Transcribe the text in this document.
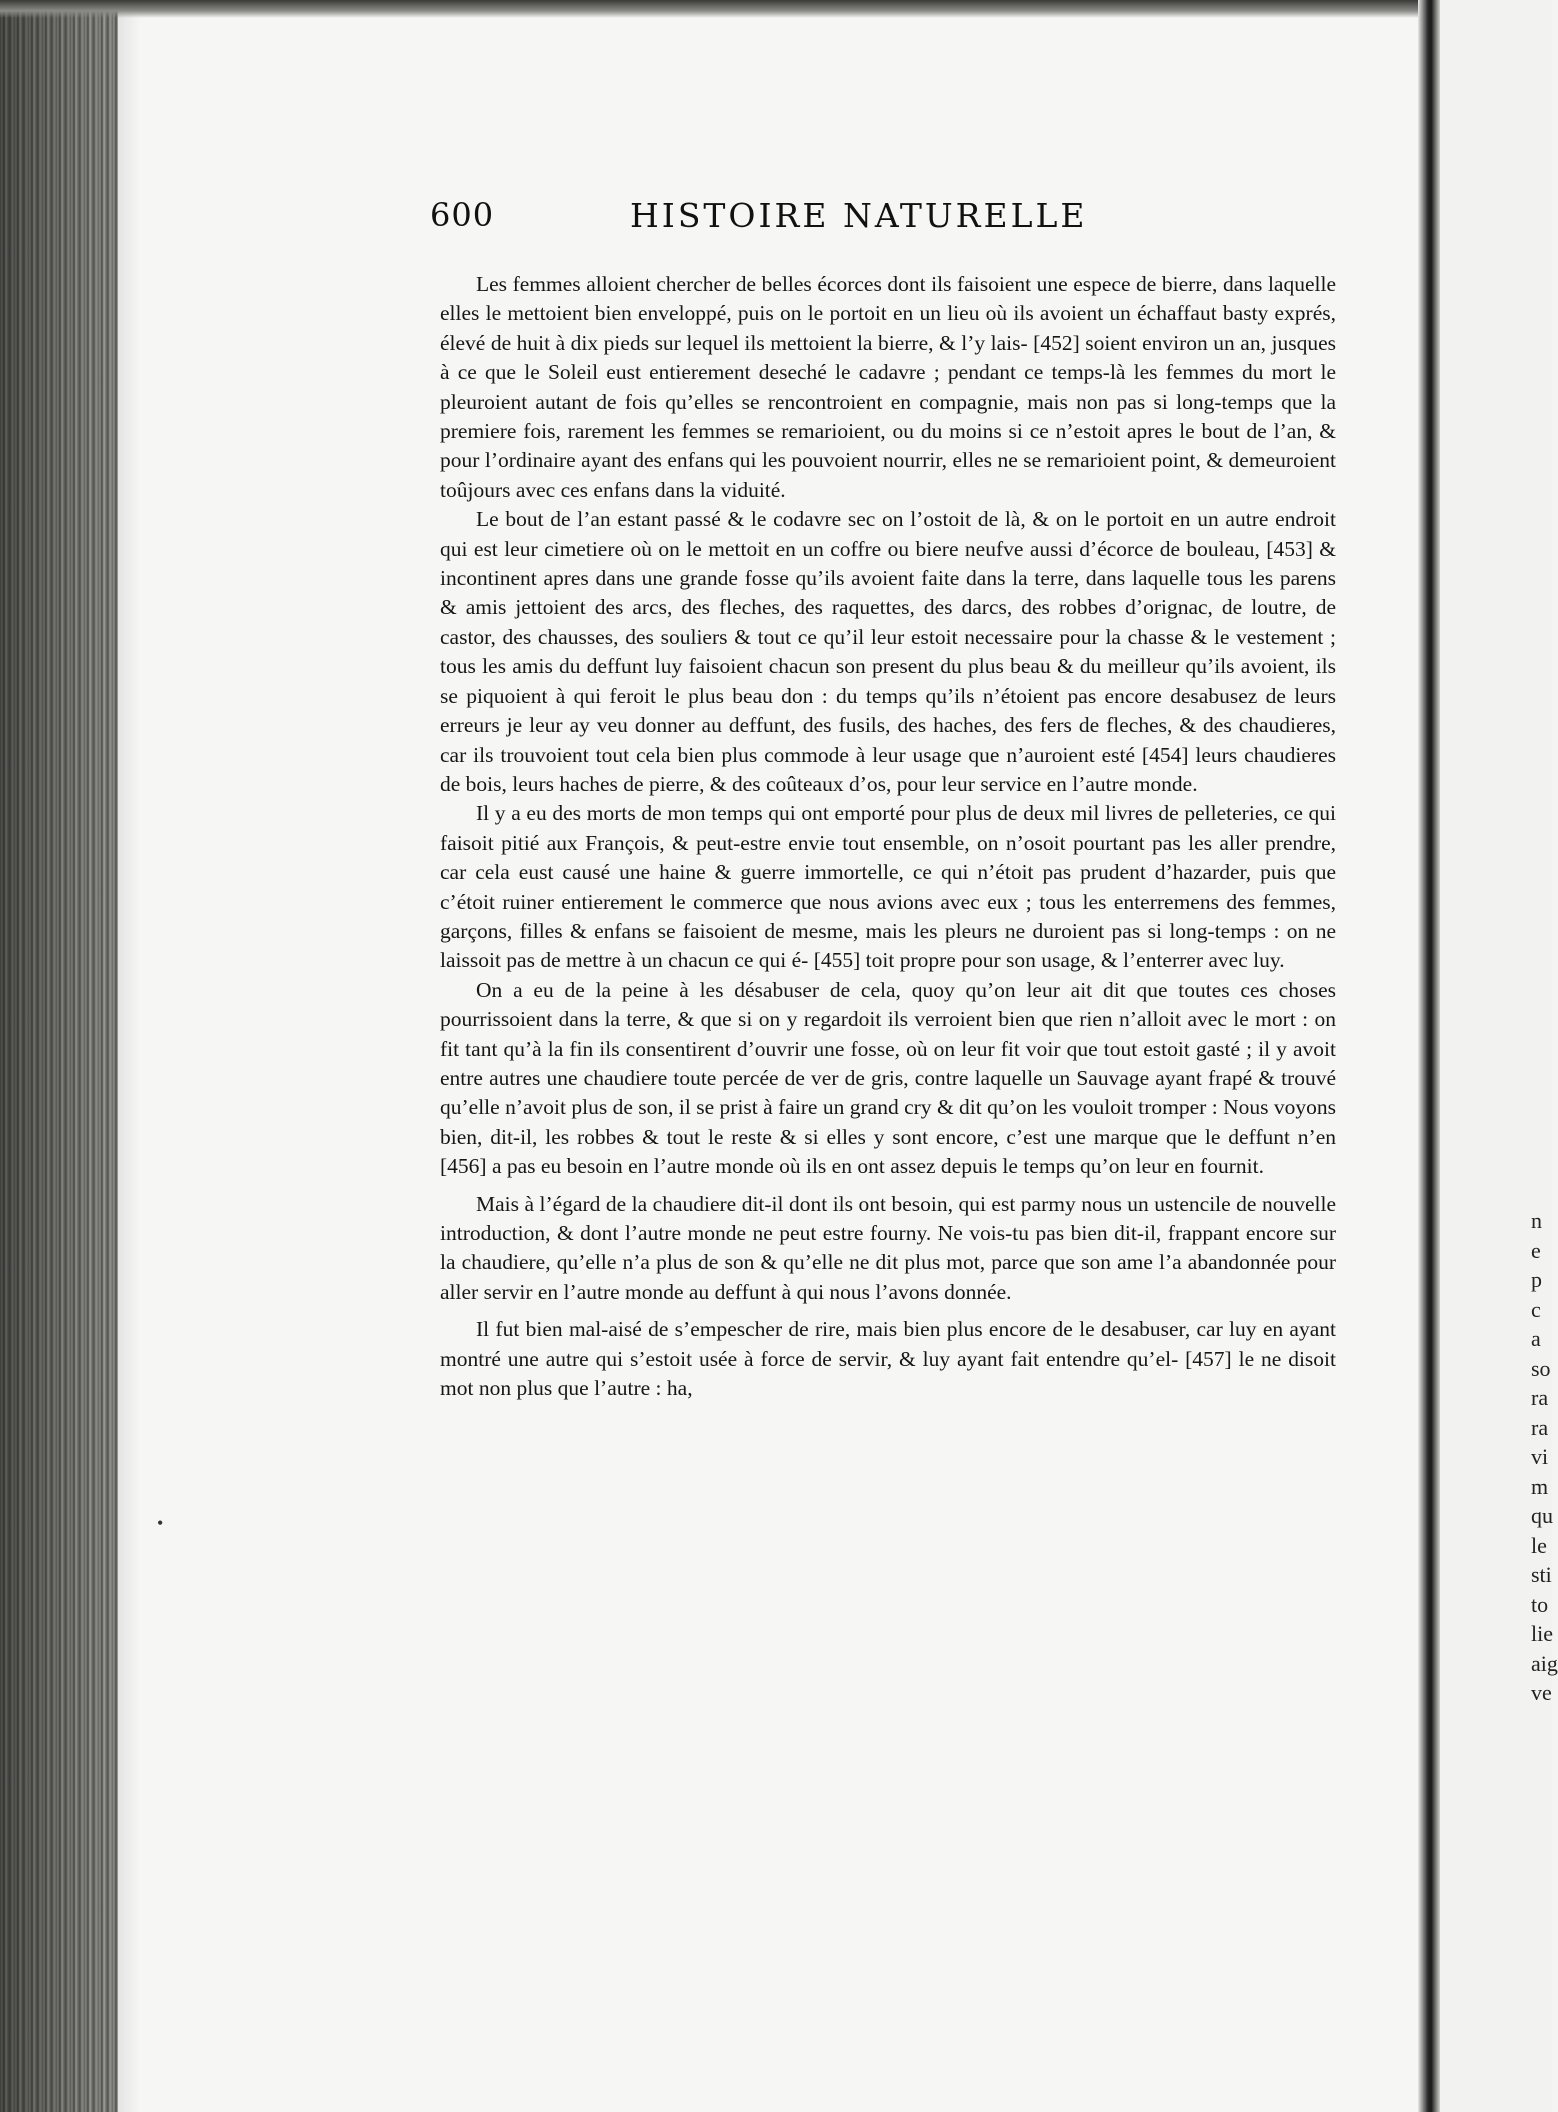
n
e
p
c
a
so
ra
ra
vi
m
qu
le
sti
to
lie
aig
ve
•
600	HISTOIRE NATURELLE

Les femmes alloient chercher de belles écorces dont ils faisoient une espece de bierre, dans laquelle elles le mettoient bien enveloppé, puis on le portoit en un lieu où ils avoient un échaffaut basty exprés, élevé de huit à dix pieds sur lequel ils mettoient la bierre, & l’y lais- [452] soient environ un an, jusques à ce que le Soleil eust entierement deseché le cadavre ; pendant ce temps-là les femmes du mort le pleuroient autant de fois qu’elles se rencontroient en compagnie, mais non pas si long-temps que la premiere fois, rarement les femmes se remarioient, ou du moins si ce n’estoit apres le bout de l’an, & pour l’ordinaire ayant des enfans qui les pouvoient nourrir, elles ne se remarioient point, & demeuroient toûjours avec ces enfans dans la viduité.

Le bout de l’an estant passé & le codavre sec on l’ostoit de là, & on le portoit en un autre endroit qui est leur cimetiere où on le mettoit en un coffre ou biere neufve aussi d’écorce de bouleau, [453] & incontinent apres dans une grande fosse qu’ils avoient faite dans la terre, dans laquelle tous les parens & amis jettoient des arcs, des fleches, des raquettes, des darcs, des robbes d’orignac, de loutre, de castor, des chausses, des souliers & tout ce qu’il leur estoit necessaire pour la chasse & le vestement ; tous les amis du deffunt luy faisoient chacun son present du plus beau & du meilleur qu’ils avoient, ils se piquoient à qui feroit le plus beau don : du temps qu’ils n’étoient pas encore desabusez de leurs erreurs je leur ay veu donner au deffunt, des fusils, des haches, des fers de fleches, & des chaudieres, car ils trouvoient tout cela bien plus commode à leur usage que n’auroient esté [454] leurs chaudieres de bois, leurs haches de pierre, & des coûteaux d’os, pour leur service en l’autre monde.

Il y a eu des morts de mon temps qui ont emporté pour plus de deux mil livres de pelleteries, ce qui faisoit pitié aux François, & peut-estre envie tout ensemble, on n’osoit pourtant pas les aller prendre, car cela eust causé une haine & guerre immortelle, ce qui n’étoit pas prudent d’hazarder, puis que c’étoit ruiner entierement le commerce que nous avions avec eux ; tous les enterremens des femmes, garçons, filles & enfans se faisoient de mesme, mais les pleurs ne duroient pas si long-temps : on ne laissoit pas de mettre à un chacun ce qui é- [455] toit propre pour son usage, & l’enterrer avec luy.

On a eu de la peine à les désabuser de cela, quoy qu’on leur ait dit que toutes ces choses pourrissoient dans la terre, & que si on y regardoit ils verroient bien que rien n’alloit avec le mort : on fit tant qu’à la fin ils consentirent d’ouvrir une fosse, où on leur fit voir que tout estoit gasté ; il y avoit entre autres une chaudiere toute percée de ver de gris, contre laquelle un Sauvage ayant frapé & trouvé qu’elle n’avoit plus de son, il se prist à faire un grand cry & dit qu’on les vouloit tromper : Nous voyons bien, dit-il, les robbes & tout le reste & si elles y sont encore, c’est une marque que le deffunt n’en [456] a pas eu besoin en l’autre monde où ils en ont assez depuis le temps qu’on leur en fournit.

Mais à l’égard de la chaudiere dit-il dont ils ont besoin, qui est parmy nous un ustencile de nouvelle introduction, & dont l’autre monde ne peut estre fourny. Ne vois-tu pas bien dit-il, frappant encore sur la chaudiere, qu’elle n’a plus de son & qu’elle ne dit plus mot, parce que son ame l’a abandonnée pour aller servir en l’autre monde au deffunt à qui nous l’avons donnée.

Il fut bien mal-aisé de s’empescher de rire, mais bien plus encore de le desabuser, car luy en ayant montré une autre qui s’estoit usée à force de servir, & luy ayant fait entendre qu’el- [457] le ne disoit mot non plus que l’autre : ha,
